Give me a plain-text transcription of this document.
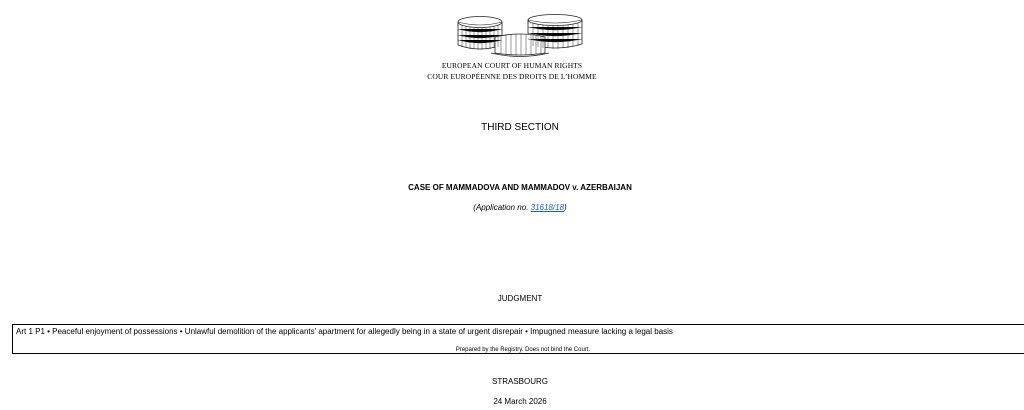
EUROPEAN COURT OF HUMAN RIGHTS
COUR EUROPÉENNE DES DROITS DE L’HOMME
THIRD SECTION
CASE OF MAMMADOVA AND MAMMADOV v. AZERBAIJAN
(Application no. 31618/18)
JUDGMENT
Art 1 P1 • Peaceful enjoyment of possessions • Unlawful demolition of the applicants’ apartment for allegedly being in a state of urgent disrepair • Impugned measure lacking a legal basis
Prepared by the Registry. Does not bind the Court.
STRASBOURG
24 March 2026
